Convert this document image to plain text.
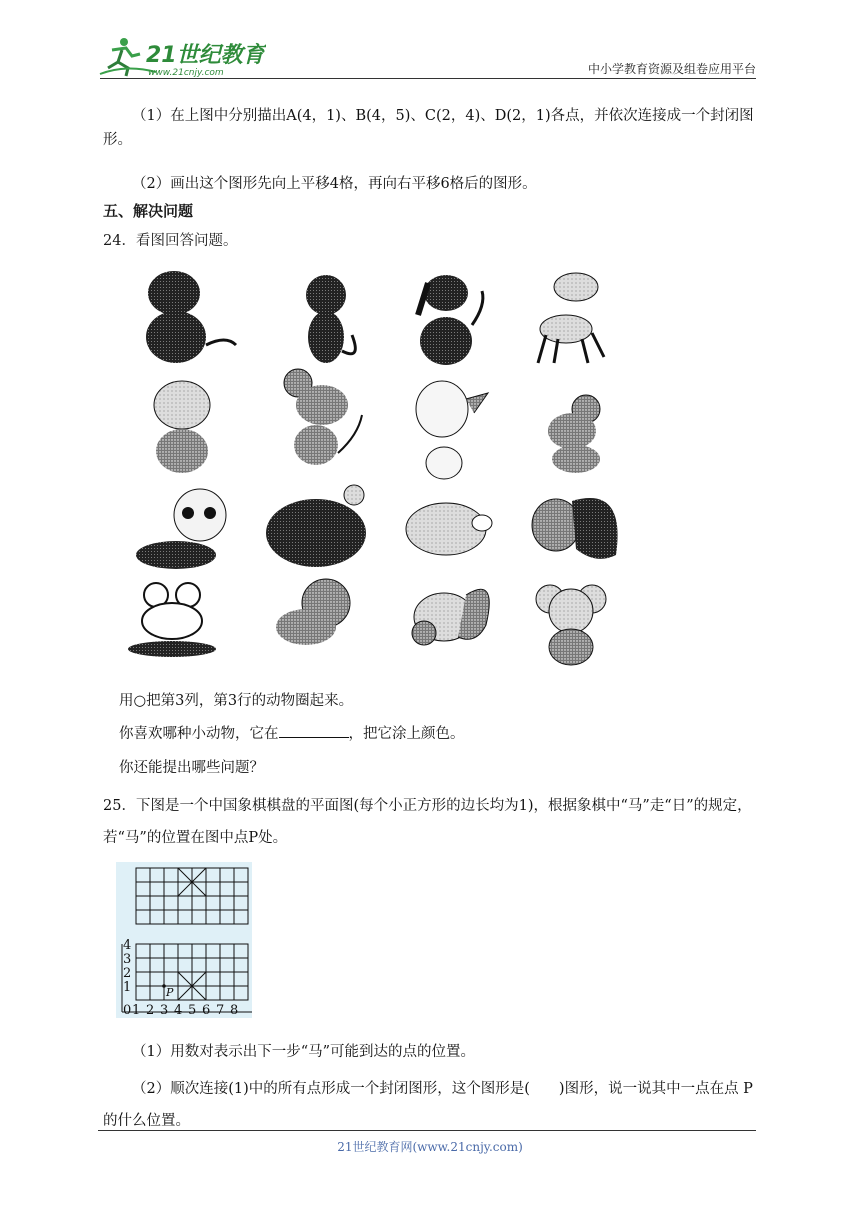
21世纪教育
www.21cnjy.com	中小学教育资源及组卷应用平台
（1）在上图中分别描出A(4，1)、B(4，5)、C(2，4)、D(2，1)各点，并依次连接成一个封闭图形。
（2）画出这个图形先向上平移4格，再向右平移6格后的图形。
五、解决问题
24．看图回答问题。
用○把第3列，第3行的动物圈起来。
你喜欢哪种小动物，它在	，把它涂上颜色。
你还能提出哪些问题？
25．下图是一个中国象棋棋盘的平面图(每个小正方形的边长均为1)，根据象棋中“马”走“日”的规定，若“马”的位置在图中点P处。
4
3
2
1
0 1 2 3 4 5 6 7 8
P
（1）用数对表示出下一步“马”可能到达的点的位置。
（2）顺次连接(1)中的所有点形成一个封闭图形，这个图形是(　　)图形，说一说其中一点在点 P 的什么位置。
21世纪教育网(www.21cnjy.com)
